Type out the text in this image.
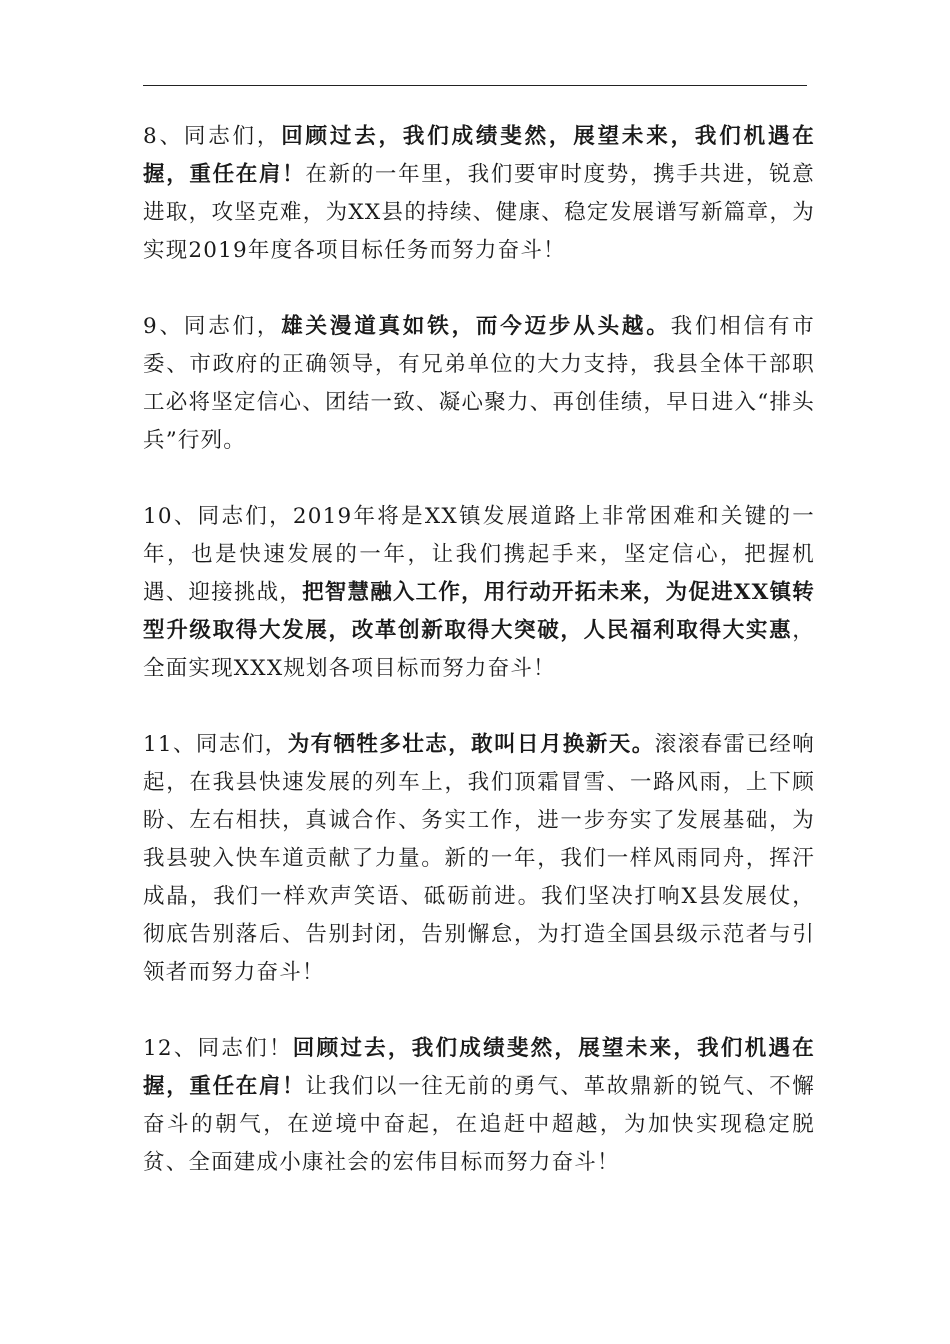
8、同志们，回顾过去，我们成绩斐然，展望未来，我们机遇在握，重任在肩！在新的一年里，我们要审时度势，携手共进，锐意进取，攻坚克难，为XX县的持续、健康、稳定发展谱写新篇章，为实现2019年度各项目标任务而努力奋斗！

9、同志们，雄关漫道真如铁，而今迈步从头越。我们相信有市委、市政府的正确领导，有兄弟单位的大力支持，我县全体干部职工必将坚定信心、团结一致、凝心聚力、再创佳绩，早日进入“排头兵”行列。

10、同志们，2019年将是XX镇发展道路上非常困难和关键的一年，也是快速发展的一年，让我们携起手来，坚定信心，把握机遇、迎接挑战，把智慧融入工作，用行动开拓未来，为促进XX镇转型升级取得大发展，改革创新取得大突破，人民福利取得大实惠，全面实现XXX规划各项目标而努力奋斗！

11、同志们，为有牺牲多壮志，敢叫日月换新天。滚滚春雷已经响起，在我县快速发展的列车上，我们顶霜冒雪、一路风雨，上下顾盼、左右相扶，真诚合作、务实工作，进一步夯实了发展基础，为我县驶入快车道贡献了力量。新的一年，我们一样风雨同舟，挥汗成晶，我们一样欢声笑语、砥砺前进。我们坚决打响X县发展仗，彻底告别落后、告别封闭，告别懈怠，为打造全国县级示范者与引领者而努力奋斗！

12、同志们！回顾过去，我们成绩斐然，展望未来，我们机遇在握，重任在肩！让我们以一往无前的勇气、革故鼎新的锐气、不懈奋斗的朝气，在逆境中奋起，在追赶中超越，为加快实现稳定脱贫、全面建成小康社会的宏伟目标而努力奋斗！
